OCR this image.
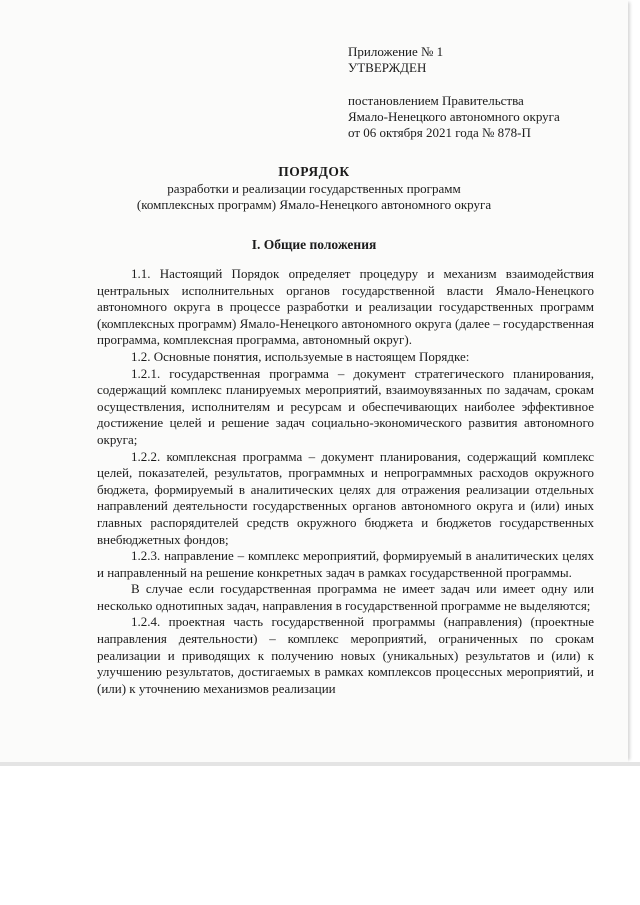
Приложение № 1
УТВЕРЖДЕН
постановлением Правительства
Ямало-Ненецкого автономного округа
от 06 октября 2021 года № 878-П
ПОРЯДОК
разработки и реализации государственных программ
(комплексных программ) Ямало-Ненецкого автономного округа
I. Общие положения

1.1. Настоящий Порядок определяет процедуру и механизм взаимодействия центральных исполнительных органов государственной власти Ямало-Ненецкого автономного округа в процессе разработки и реализации государственных программ (комплексных программ) Ямало-Ненецкого автономного округа (далее – государственная программа, комплексная программа, автономный округ).

1.2. Основные понятия, используемые в настоящем Порядке:

1.2.1. государственная программа – документ стратегического планирования, содержащий комплекс планируемых мероприятий, взаимоувязанных по задачам, срокам осуществления, исполнителям и ресурсам и обеспечивающих наиболее эффективное достижение целей и решение задач социально-экономического развития автономного округа;

1.2.2. комплексная программа – документ планирования, содержащий комплекс целей, показателей, результатов, программных и непрограммных расходов окружного бюджета, формируемый в аналитических целях для отражения реализации отдельных направлений деятельности государственных органов автономного округа и (или) иных главных распорядителей средств окружного бюджета и бюджетов государственных внебюджетных фондов;

1.2.3. направление – комплекс мероприятий, формируемый в аналитических целях и направленный на решение конкретных задач в рамках государственной программы.

В случае если государственная программа не имеет задач или имеет одну или несколько однотипных задач, направления в государственной программе не выделяются;

1.2.4. проектная часть государственной программы (направления) (проектные направления деятельности) – комплекс мероприятий, ограниченных по срокам реализации и приводящих к получению новых (уникальных) результатов и (или) к улучшению результатов, достигаемых в рамках комплексов процессных мероприятий, и (или) к уточнению механизмов реализации
